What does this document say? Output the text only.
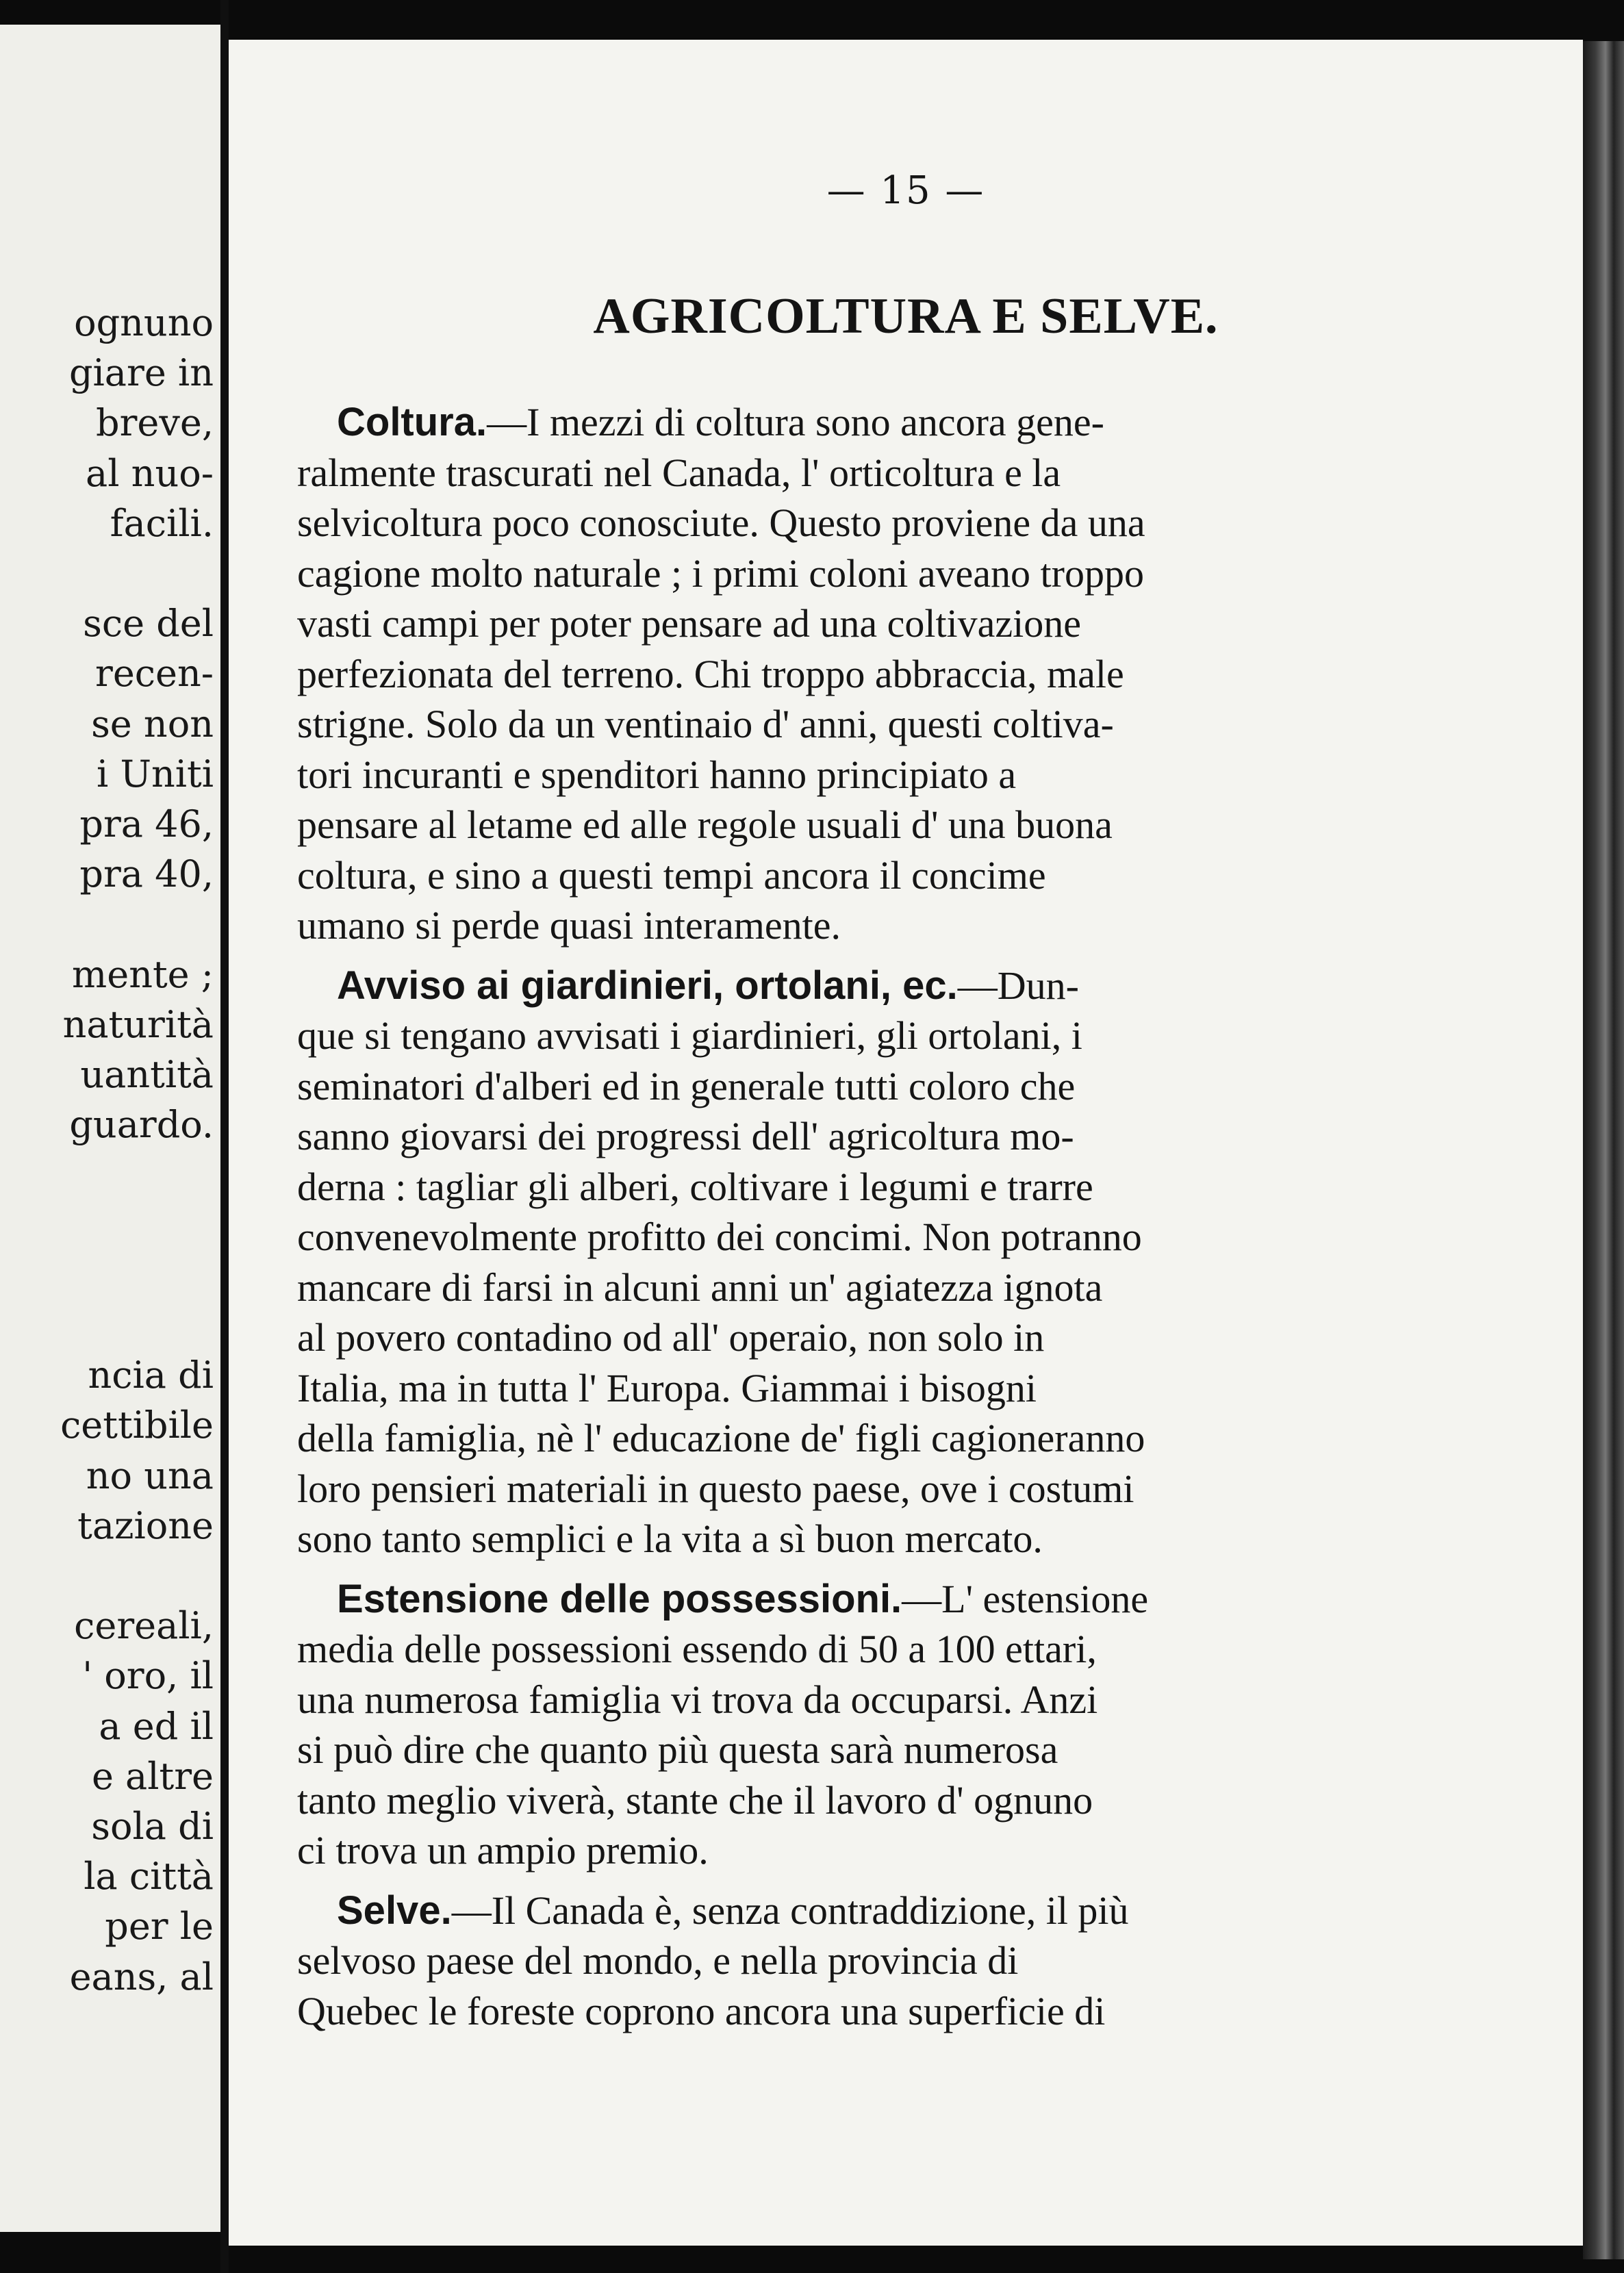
ognuno
giare in
breve,
al nuo-
facili.
sce del
recen-
se non
i Uniti
pra 46,
pra 40,
mente ;
naturità
uantità
guardo.
ncia di
cettibile
no una
tazione
cereali,
' oro, il
a ed il
e altre
sola di
la città
per le
eans, al
— 15 —
AGRICOLTURA E SELVE.
Coltura.—I mezzi di coltura sono ancora gene-
ralmente trascurati nel Canada, l' orticoltura e la
selvicoltura poco conosciute. Questo proviene da una
cagione molto naturale ; i primi coloni aveano troppo
vasti campi per poter pensare ad una coltivazione
perfezionata del terreno. Chi troppo abbraccia, male
strigne. Solo da un ventinaio d' anni, questi coltiva-
tori incuranti e spenditori hanno principiato a
pensare al letame ed alle regole usuali d' una buona
coltura, e sino a questi tempi ancora il concime
umano si perde quasi interamente.
Avviso ai giardinieri, ortolani, ec.—Dun-
que si tengano avvisati i giardinieri, gli ortolani, i
seminatori d'alberi ed in generale tutti coloro che
sanno giovarsi dei progressi dell' agricoltura mo-
derna : tagliar gli alberi, coltivare i legumi e trarre
convenevolmente profitto dei concimi. Non potranno
mancare di farsi in alcuni anni un' agiatezza ignota
al povero contadino od all' operaio, non solo in
Italia, ma in tutta l' Europa. Giammai i bisogni
della famiglia, nè l' educazione de' figli cagioneranno
loro pensieri materiali in questo paese, ove i costumi
sono tanto semplici e la vita a sì buon mercato.
Estensione delle possessioni.—L' estensione
media delle possessioni essendo di 50 a 100 ettari,
una numerosa famiglia vi trova da occuparsi. Anzi
si può dire che quanto più questa sarà numerosa
tanto meglio viverà, stante che il lavoro d' ognuno
ci trova un ampio premio.
Selve.—Il Canada è, senza contraddizione, il più
selvoso paese del mondo, e nella provincia di
Quebec le foreste coprono ancora una superficie di
